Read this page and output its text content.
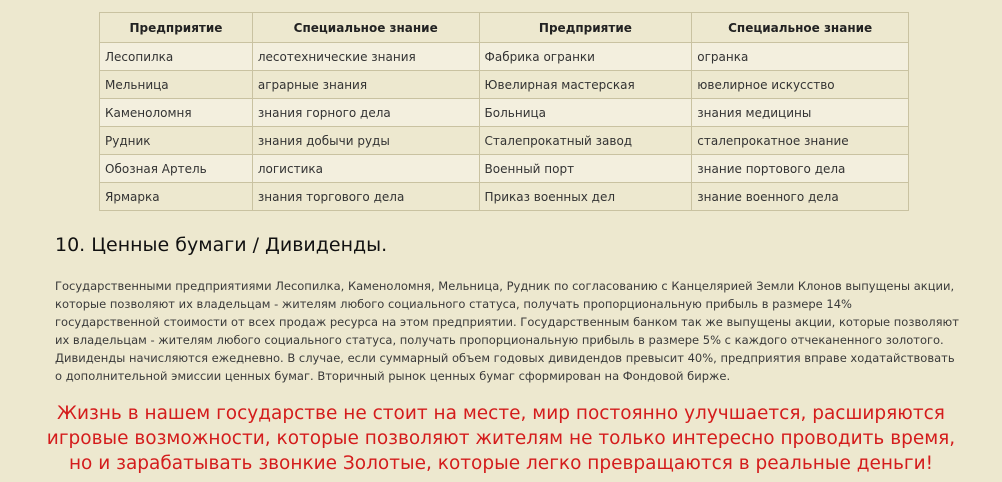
Предприятие	Специальное знание	Предприятие	Специальное знание
Лесопилка	лесотехнические знания	Фабрика огранки	огранка
Мельница	аграрные знания	Ювелирная мастерская	ювелирное искусство
Каменоломня	знания горного дела	Больница	знания медицины
Рудник	знания добычи руды	Сталепрокатный завод	сталепрокатное знание
Обозная Артель	логистика	Военный порт	знание портового дела
Ярмарка	знания торгового дела	Приказ военных дел	знание военного дела
10. Ценные бумаги / Дивиденды.

Государственными предприятиями Лесопилка, Каменоломня, Мельница, Рудник по согласованию с Канцелярией Земли Клонов выпущены акции, которые позволяют их владельцам - жителям любого социального статуса, получать пропорциональную прибыль в размере 14% государственной стоимости от всех продаж ресурса на этом предприятии. Государственным банком так же выпущены акции, которые позволяют их владельцам - жителям любого социального статуса, получать пропорциональную прибыль в размере 5% с каждого отчеканенного золотого. Дивиденды начисляются ежедневно. В случае, если суммарный объем годовых дивидендов превысит 40%, предприятия вправе ходатайствовать о дополнительной эмиссии ценных бумаг. Вторичный рынок ценных бумаг сформирован на Фондовой бирже.

Жизнь в нашем государстве не стоит на месте, мир постоянно улучшается, расширяются игровые возможности, которые позволяют жителям не только интересно проводить время, но и зарабатывать звонкие Золотые, которые легко превращаются в реальные деньги!
